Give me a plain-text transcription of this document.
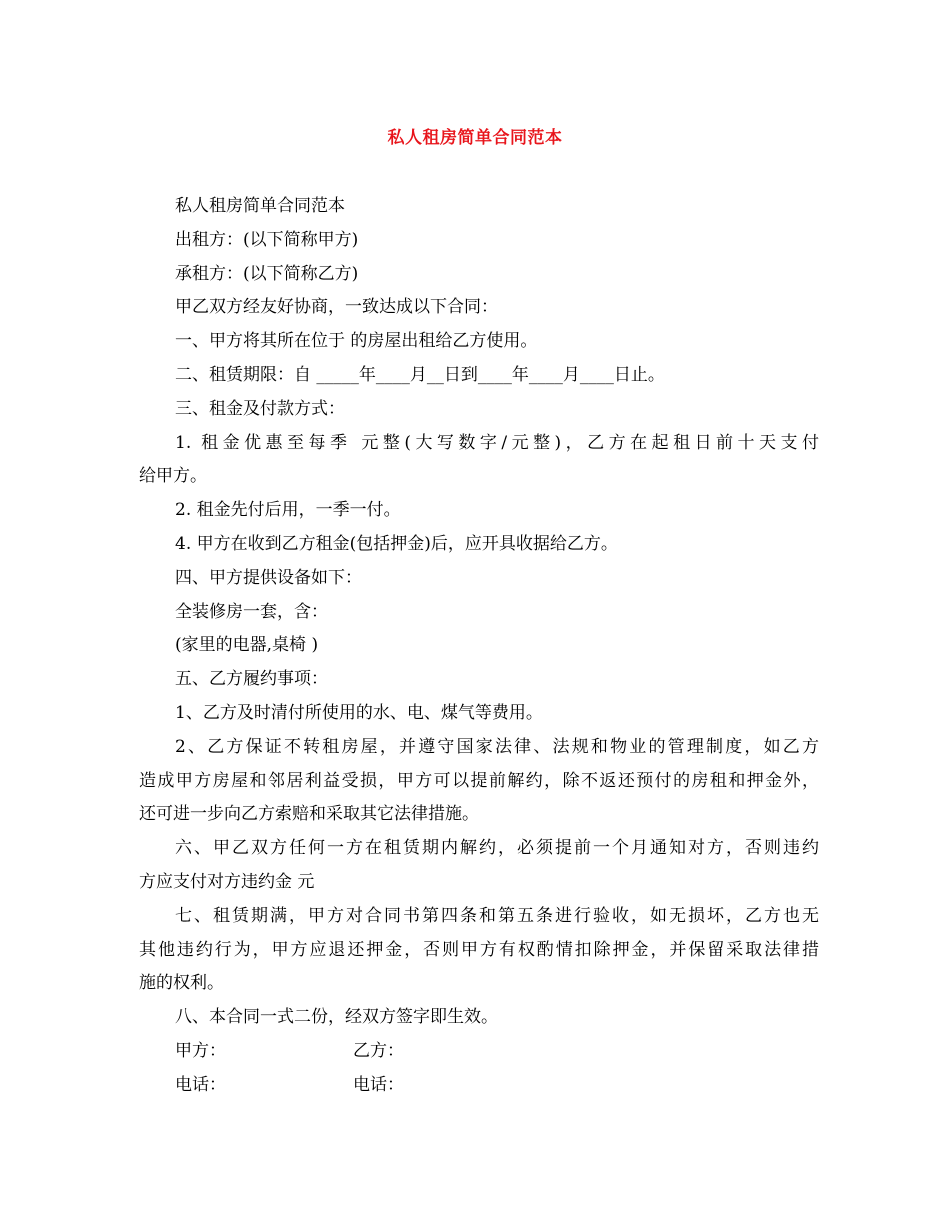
私人租房简单合同范本
私人租房简单合同范本
出租方：(以下简称甲方)
承租方：(以下简称乙方)
甲乙双方经友好协商，一致达成以下合同：
一、甲方将其所在位于 的房屋出租给乙方使用。
二、租赁期限：自 _____年____月__日到____年____月____日止。
三、租金及付款方式：
1. 租金优惠至每季 元整(大写数字/元整)，乙方在起租日前十天支付
给甲方。
2. 租金先付后用，一季一付。
4. 甲方在收到乙方租金(包括押金)后，应开具收据给乙方。
四、甲方提供设备如下：
全装修房一套，含：
(家里的电器,桌椅 )
五、乙方履约事项：
1、乙方及时清付所使用的水、电、煤气等费用。
2、乙方保证不转租房屋，并遵守国家法律、法规和物业的管理制度，如乙方
造成甲方房屋和邻居利益受损，甲方可以提前解约，除不返还预付的房租和押金外，
还可进一步向乙方索赔和采取其它法律措施。
六、甲乙双方任何一方在租赁期内解约，必须提前一个月通知对方，否则违约
方应支付对方违约金 元
七、租赁期满，甲方对合同书第四条和第五条进行验收，如无损坏，乙方也无
其他违约行为，甲方应退还押金，否则甲方有权酌情扣除押金，并保留采取法律措
施的权利。
八、本合同一式二份，经双方签字即生效。
甲方：	乙方：
电话：	电话：
